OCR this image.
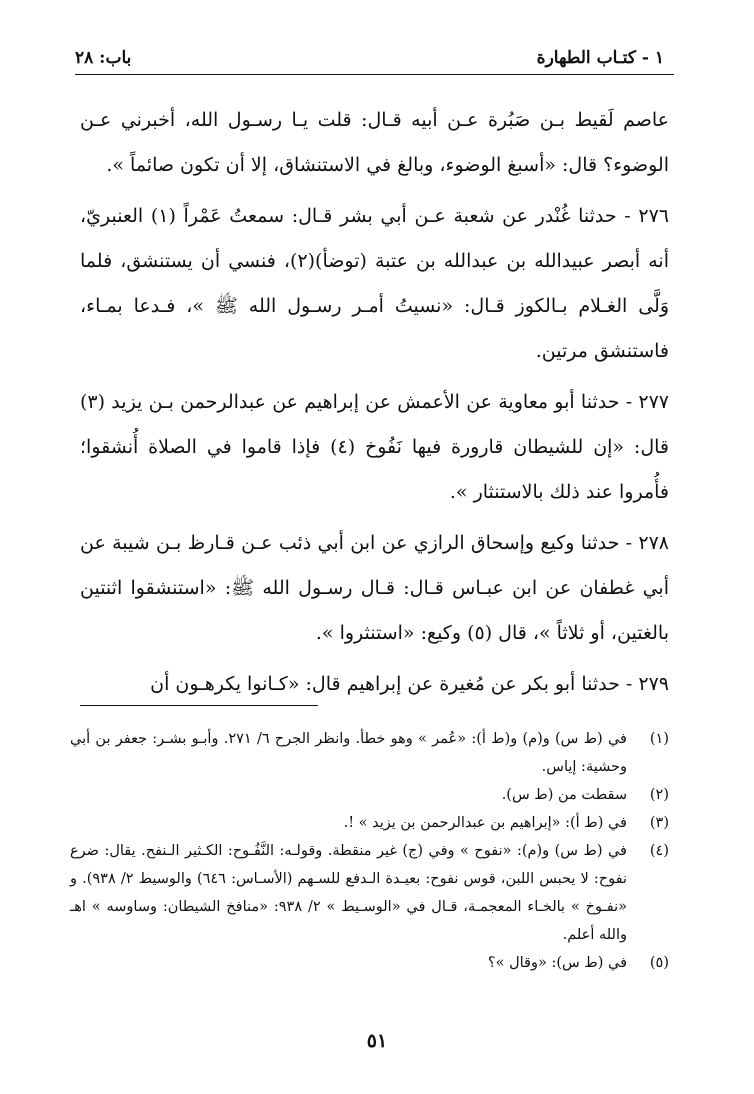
١ - كتـاب الطهارة
باب: ٢٨

عاصم لَقيط بـن صَبُرة عـن أبيه قـال: قلت يـا رسـول الله، أخبرني عـن الوضوء؟ قال: «أسبغ الوضوء، وبالغ في الاستنشاق، إلا أن تكون صائماً ».

٢٧٦ - حدثنا غُنْدر عن شعبة عـن أبي بشر قـال: سمعتُ عَمْراً (١) العنبريّ، أنه أبصر عبيدالله بن عبدالله بن عتبة (توضأ)(٢)، فنسي أن يستنشق، فلما وَلَّى الغـلام بـالكوز قـال: «نسيتُ أمـر رسـول الله ﷺ »، فـدعا بمـاء، فاستنشق مرتين.

٢٧٧ - حدثنا أبو معاوية عن الأعمش عن إبراهيم عن عبدالرحمن بـن يزيد (٣) قال: «إن للشيطان قارورة فيها نَفُوخ (٤) فإذا قاموا في الصلاة أُنشقوا؛ فأُمروا عند ذلك بالاستنثار ».

٢٧٨ - حدثنا وكيع وإسحاق الرازي عن ابن أبي ذئب عـن قـارظ بـن شيبة عن أبي غطفان عن ابن عبـاس قـال: قـال رسـول الله ﷺ: «استنشقوا اثنتين بالغتين، أو ثلاثاً »، قال (٥) وكيع: «استنثروا ».

٢٧٩ - حدثنا أبو بكر عن مُغيرة عن إبراهيم قال: «كـانوا يكرهـون أن

(١)
في (ط س) و(م) و(ط أ): «عُمر » وهو خطأ. وانظر الجرح ٦/ ٢٧١. وأبـو بشـر: جعفر بن أبي وحشية: إياس.
(٢)
سقطت من (ط س).
(٣)
في (ط أ): «إبراهيم بن عبدالرحمن بن يزيد » !.
(٤)
في (ط س) و(م): «نفوح » وفي (ج) غير منقطة. وقولـه: النَّفُـوح: الكـثير الـنفح. يقال: ضرع نفوح: لا يحبس اللبن، قوس نفوح: بعيـدة الـدفع للسـهم (الأسـاس: ٦٤٦) والوسيط ٢/ ٩٣٨). و «نفـوخ » بالخـاء المعجمـة، قـال في «الوسـيط » ٢/ ٩٣٨: «منافخ الشيطان: وساوسه » اهـ والله أعلم.
(٥)
في (ط س): «وقال »؟
٥١
